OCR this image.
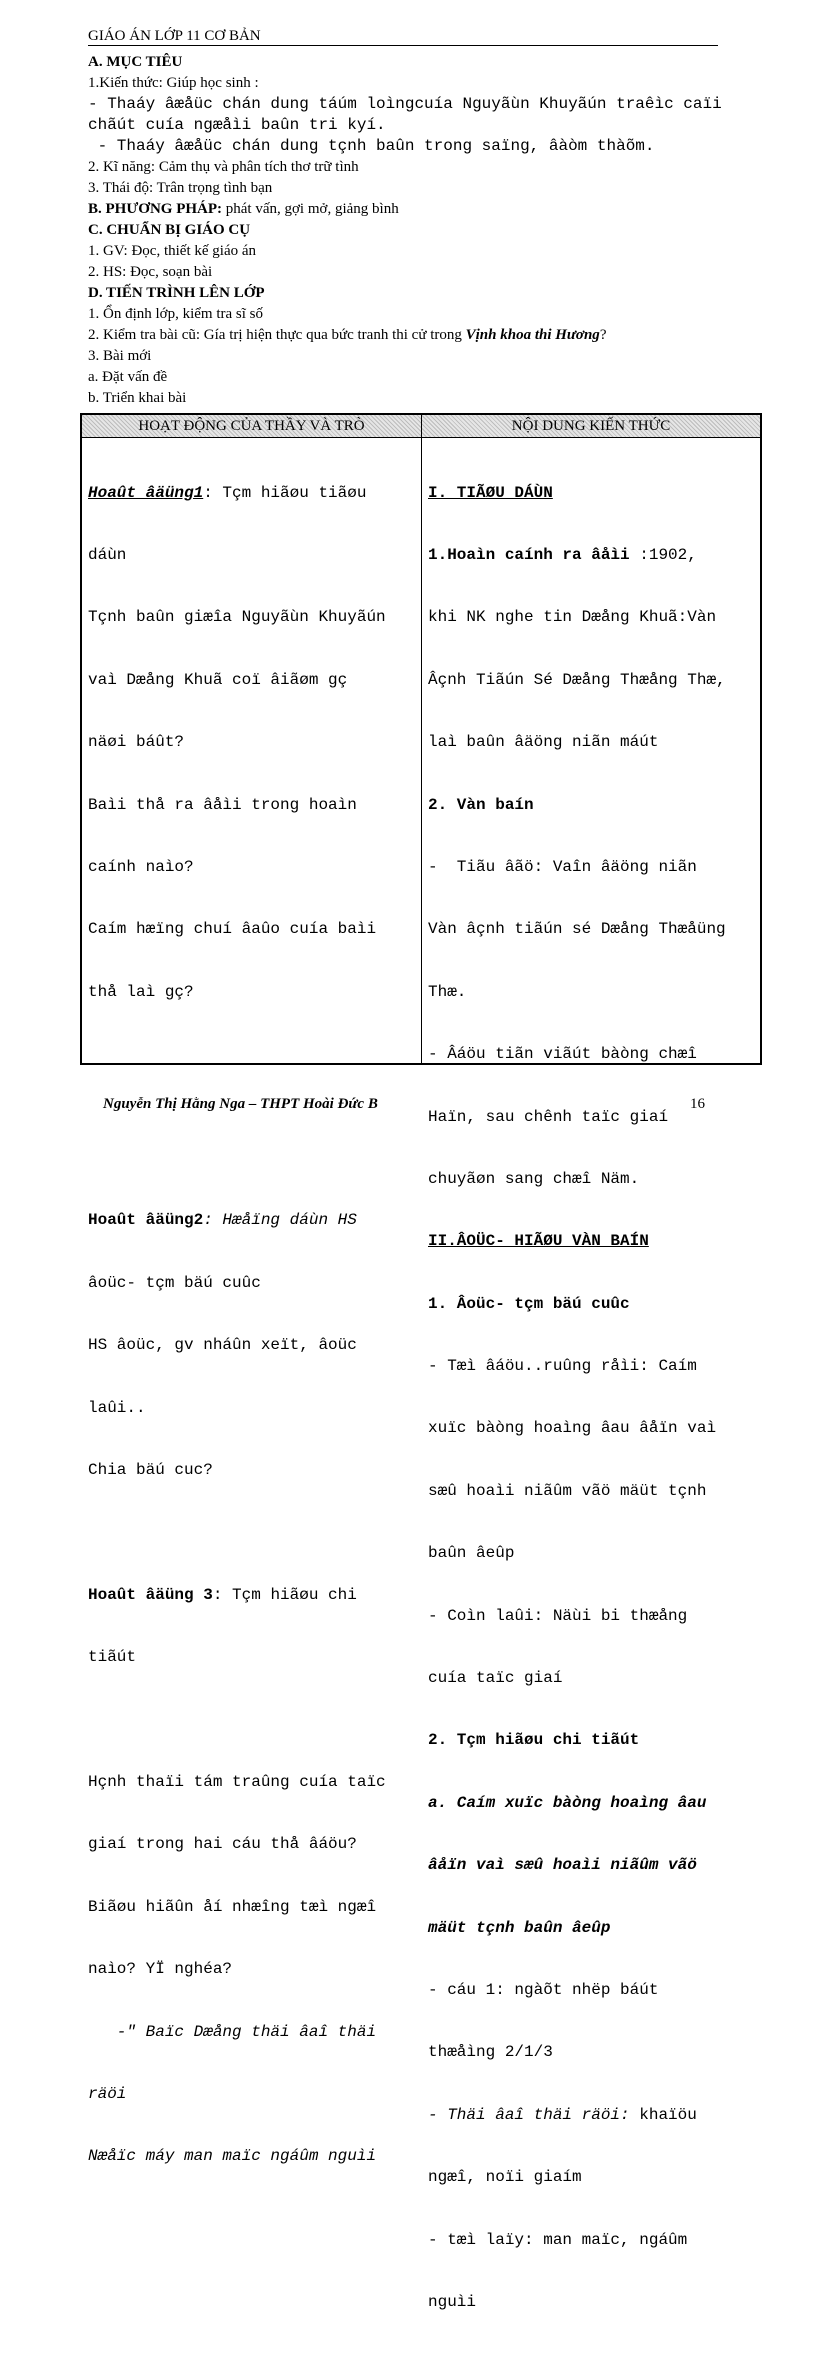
GIÁO ÁN LỚP 11 CƠ BẢN
A. MỤC TIÊU
1.Kiến thức: Giúp học sinh :
- Thaáy âæåüc chán dung táúm loìngcuía Nguyãùn Khuyãún traêìc caïi
chãút cuía ngæåìi baûn tri kyí.
- Thaáy âæåüc chán dung tçnh baûn trong saïng, âàòm thàõm.
2. Kĩ năng: Cảm thụ và phân tích thơ trữ tình
3. Thái độ: Trân trọng tình bạn
B. PHƯƠNG PHÁP: phát vấn, gợi mở, giảng bình
C. CHUẨN BỊ GIÁO CỤ
1. GV: Đọc, thiết kế giáo án
2. HS: Đọc, soạn bài
D. TIẾN TRÌNH LÊN LỚP
1. Ổn định lớp, kiểm tra sĩ số
2. Kiểm tra bài cũ: Gía trị hiện thực qua bức tranh thi cử trong Vịnh khoa thi Hương?
3. Bài mới
a. Đặt vấn đề
b. Triển khai bài
HOẠT ĐỘNG CỦA THẦY VÀ TRÒ	NỘI DUNG KIẾN THỨC

Hoaût âäüng1: Tçm hiãøu tiãøu

dáùn

Tçnh baûn giæîa Nguyãùn Khuyãún

vaì Dæång Khuã coï âiãøm gç

näøi báût?

Baìi thå ra âåìi trong hoaìn

caính naìo?

Caím hæïng chuí âaûo cuía baìi

thå laì gç?

Hoaût âäüng2: Hæåïng dáùn HS

âoüc- tçm bäú cuûc

HS âoüc, gv nháûn xeït, âoüc

laûi..

Chia bäú cuc?

Hoaût âäüng 3: Tçm hiãøu chi

tiãút

Hçnh thaïi tám traûng cuía taïc

giaí trong hai cáu thå âáöu?

Biãøu hiãûn åí nhæîng tæì ngæî

naìo? YÏ nghéa?

-" Baïc Dæång thäi âaî thäi

räöi

Næåïc máy man maïc ngáûm nguìi

I. TIÃØU DÁÙN

1.Hoaìn caính ra âåìi :1902,

khi NK nghe tin Dæång Khuã:Vàn

Âçnh Tiãún Sé Dæång Thæång Thæ,

laì baûn âäöng niãn máút

2. Vàn baín

-  Tiãu âãö: Vaîn âäöng niãn

Vàn âçnh tiãún sé Dæång Thæåüng

Thæ.

- Âáöu tiãn viãút bàòng chæî

Haïn, sau chênh taïc giaí

chuyãøn sang chæî Näm.

II.ÂOÜC- HIÃØU VÀN BAÍN

1. Âoüc- tçm bäú cuûc

- Tæì âáöu..ruûng råìi: Caím

xuïc bàòng hoaìng âau âåïn vaì

sæû hoaìi niãûm vãö mäüt tçnh

baûn âeûp

- Coìn laûi: Näùi bi thæång

cuía taïc giaí

2. Tçm hiãøu chi tiãút

a. Caím xuïc bàòng hoaìng âau

âåïn vaì sæû hoaìi niãûm vãö

mäüt tçnh baûn âeûp

- cáu 1: ngàõt nhëp báút

thæåìng 2/1/3

- Thäi âaî thäi räöi: khaïöu

ngæî, noïi giaím

- tæì laïy: man maïc, ngáûm

nguìi

Nguyễn Thị Hằng Nga – THPT Hoài Đức B	16
